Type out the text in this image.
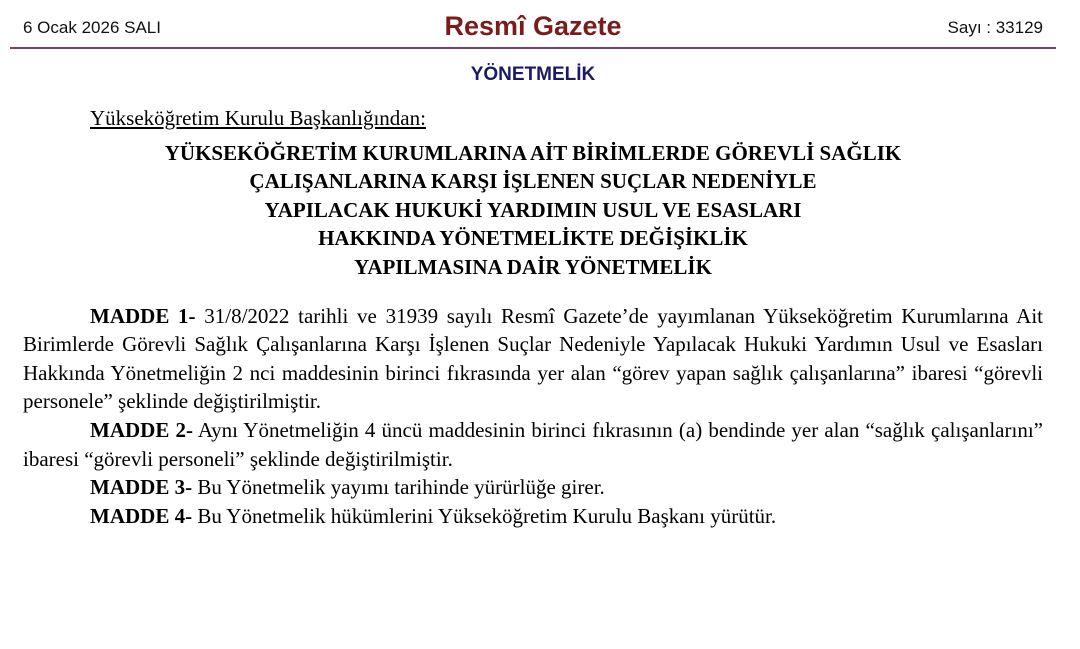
6 Ocak 2026 SALI	Resmî Gazete	Sayı : 33129
YÖNETMELİK
Yükseköğretim Kurulu Başkanlığından:
YÜKSEKÖĞRETİM KURUMLARINA AİT BİRİMLERDE GÖREVLİ SAĞLIK
ÇALIŞANLARINA KARŞI İŞLENEN SUÇLAR NEDENİYLE
YAPILACAK HUKUKİ YARDIMIN USUL VE ESASLARI
HAKKINDA YÖNETMELİKTE DEĞİŞİKLİK
YAPILMASINA DAİR YÖNETMELİK

MADDE 1- 31/8/2022 tarihli ve 31939 sayılı Resmî Gazete’de yayımlanan Yükseköğretim Kurumlarına Ait Birimlerde Görevli Sağlık Çalışanlarına Karşı İşlenen Suçlar Nedeniyle Yapılacak Hukuki Yardımın Usul ve Esasları Hakkında Yönetmeliğin 2 nci maddesinin birinci fıkrasında yer alan “görev yapan sağlık çalışanlarına” ibaresi “görevli personele” şeklinde değiştirilmiştir.

MADDE 2- Aynı Yönetmeliğin 4 üncü maddesinin birinci fıkrasının (a) bendinde yer alan “sağlık çalışanlarını” ibaresi “görevli personeli” şeklinde değiştirilmiştir.

MADDE 3- Bu Yönetmelik yayımı tarihinde yürürlüğe girer.

MADDE 4- Bu Yönetmelik hükümlerini Yükseköğretim Kurulu Başkanı yürütür.
